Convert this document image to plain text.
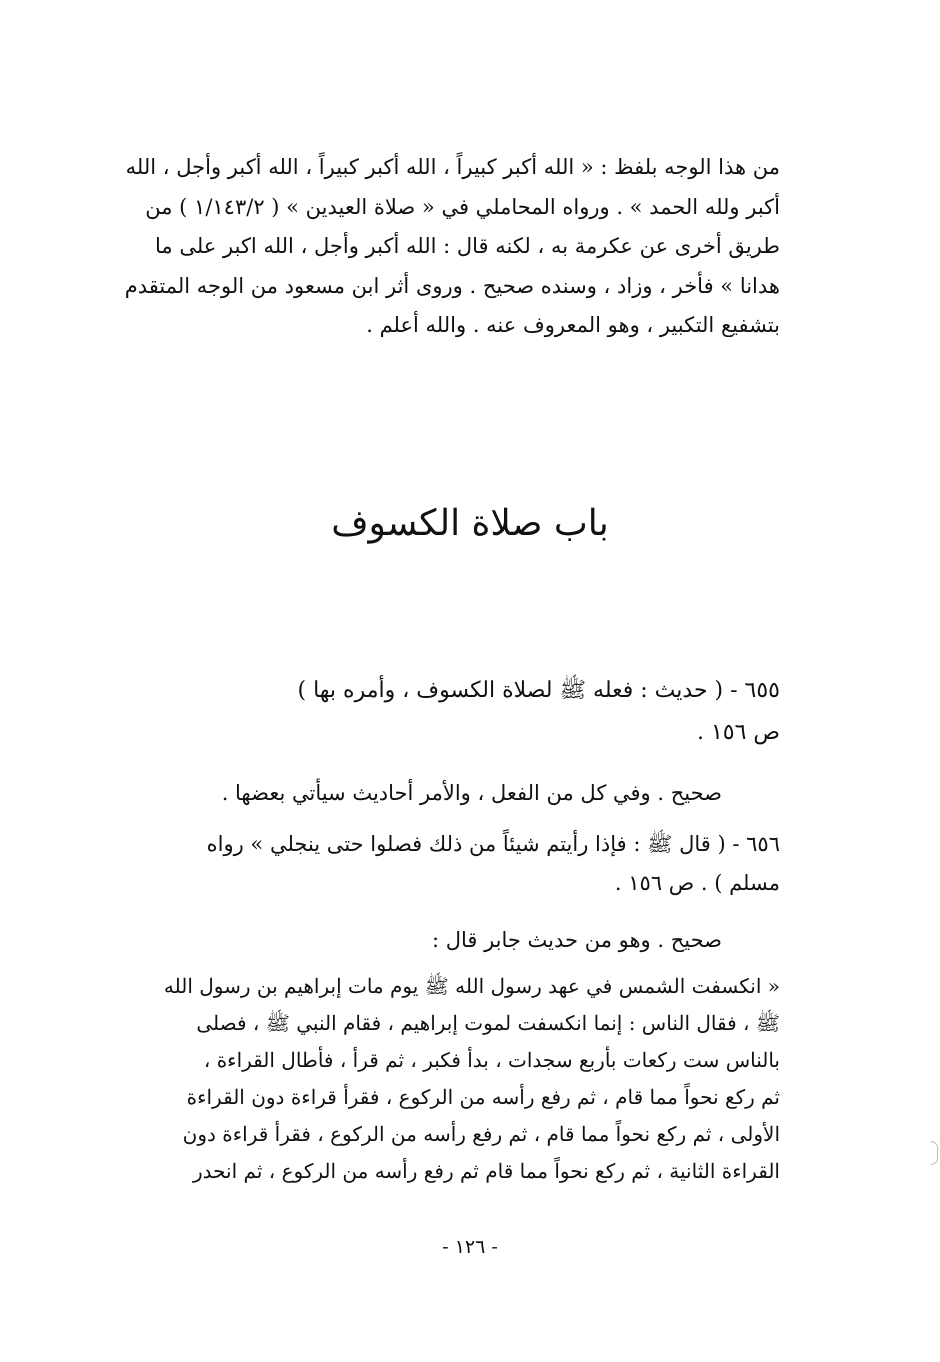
من هذا الوجه بلفظ : « الله أكبر كبيراً ، الله أكبر كبيراً ، الله أكبر وأجل ، الله
أكبر ولله الحمد » . ورواه المحاملي في « صلاة العيدين » ( ١/١٤٣/٢ ) من
طريق أخرى عن عكرمة به ، لكنه قال : الله أكبر وأجل ، الله اكبر على ما
هدانا » فأخر ، وزاد ، وسنده صحيح . وروى أثر ابن مسعود من الوجه المتقدم
بتشفيع التكبير ، وهو المعروف عنه . والله أعلم .
باب صلاة الكسوف
٦٥٥ - ( حديث : فعله ﷺ لصلاة الكسوف ، وأمره بها )
ص ١٥٦ .
صحيح . وفي كل من الفعل ، والأمر أحاديث سيأتي بعضها .
٦٥٦ - ( قال ﷺ : فإذا رأيتم شيئاً من ذلك فصلوا حتى ينجلي » رواه
مسلم ) . ص ١٥٦ .
صحيح . وهو من حديث جابر قال :
« انكسفت الشمس في عهد رسول الله ﷺ يوم مات إبراهيم بن رسول الله
ﷺ ، فقال الناس : إنما انكسفت لموت إبراهيم ، فقام النبي ﷺ ، فصلى
بالناس ست ركعات بأربع سجدات ، بدأ فكبر ، ثم قرأ ، فأطال القراءة ،
ثم ركع نحواً مما قام ، ثم رفع رأسه من الركوع ، فقرأ قراءة دون القراءة
الأولى ، ثم ركع نحواً مما قام ، ثم رفع رأسه من الركوع ، فقرأ قراءة دون
القراءة الثانية ، ثم ركع نحواً مما قام ثم رفع رأسه من الركوع ، ثم انحدر
- ١٢٦ -
